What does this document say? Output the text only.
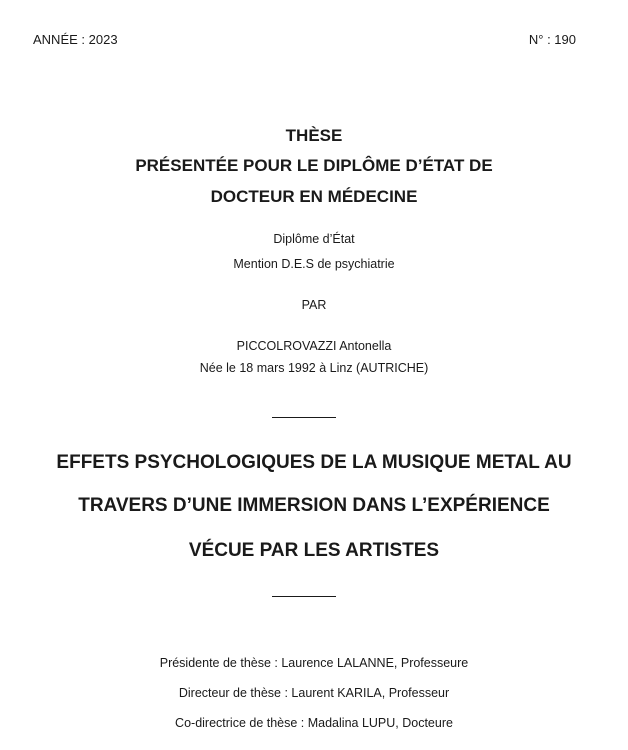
ANNÉE : 2023	N° : 190
THÈSE
PRÉSENTÉE POUR LE DIPLÔME D’ÉTAT DE
DOCTEUR EN MÉDECINE
Diplôme d’État
Mention D.E.S de psychiatrie
PAR
PICCOLROVAZZI Antonella
Née le 18 mars 1992 à Linz (AUTRICHE)
EFFETS PSYCHOLOGIQUES DE LA MUSIQUE METAL AU
TRAVERS D’UNE IMMERSION DANS L’EXPÉRIENCE
VÉCUE PAR LES ARTISTES
Présidente de thèse : Laurence LALANNE, Professeure
Directeur de thèse : Laurent KARILA, Professeur
Co-directrice de thèse : Madalina LUPU, Docteure
